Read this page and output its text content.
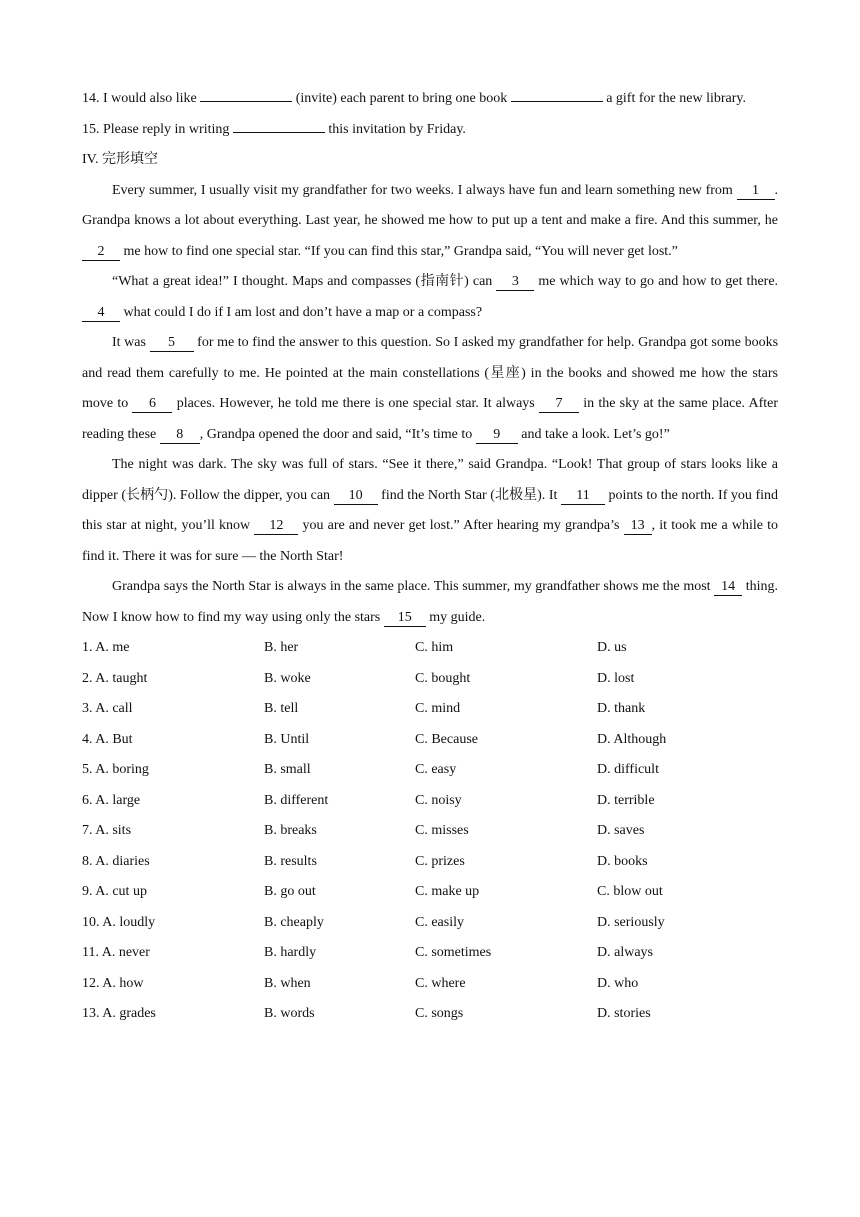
14. I would also like	(invite) each parent to bring one book	a gift for the new library.

15. Please reply in writing	this invitation by Friday.

IV. 完形填空

Every summer, I usually visit my grandfather for two weeks. I always have fun and learn something new from 1 . Grandpa knows a lot about everything. Last year, he showed me how to put up a tent and make a fire. And this summer, he 2 me how to find one special star. “If you can find this star,” Grandpa said, “You will never get lost.”

“What a great idea!” I thought. Maps and compasses (指南针) can 3 me which way to go and how to get there. 4 what could I do if I am lost and don’t have a map or a compass?

It was 5 for me to find the answer to this question. So I asked my grandfather for help. Grandpa got some books and read them carefully to me. He pointed at the main constellations (星座) in the books and showed me how the stars move to 6 places. However, he told me there is one special star. It always 7 in the sky at the same place. After reading these 8 , Grandpa opened the door and said, “It’s time to 9 and take a look. Let’s go!”

The night was dark. The sky was full of stars. “See it there,” said Grandpa. “Look! That group of stars looks like a dipper (长柄勺). Follow the dipper, you can 10 find the North Star (北极星). It 11 points to the north. If you find this star at night, you’ll know 12 you are and never get lost.” After hearing my grandpa’s 13 , it took me a while to find it. There it was for sure — the North Star!

Grandpa says the North Star is always in the same place. This summer, my grandfather shows me the most 14 thing. Now I know how to find my way using only the stars 15 my guide.

1. A. me	B. her	C. him	D. us
2. A. taught	B. woke	C. bought	D. lost
3. A. call	B. tell	C. mind	D. thank
4. A. But	B. Until	C. Because	D. Although
5. A. boring	B. small	C. easy	D. difficult
6. A. large	B. different	C. noisy	D. terrible
7. A. sits	B. breaks	C. misses	D. saves
8. A. diaries	B. results	C. prizes	D. books
9. A. cut up	B. go out	C. make up	C. blow out
10. A. loudly	B. cheaply	C. easily	D. seriously
11. A. never	B. hardly	C. sometimes	D. always
12. A. how	B. when	C. where	D. who
13. A. grades	B. words	C. songs	D. stories
